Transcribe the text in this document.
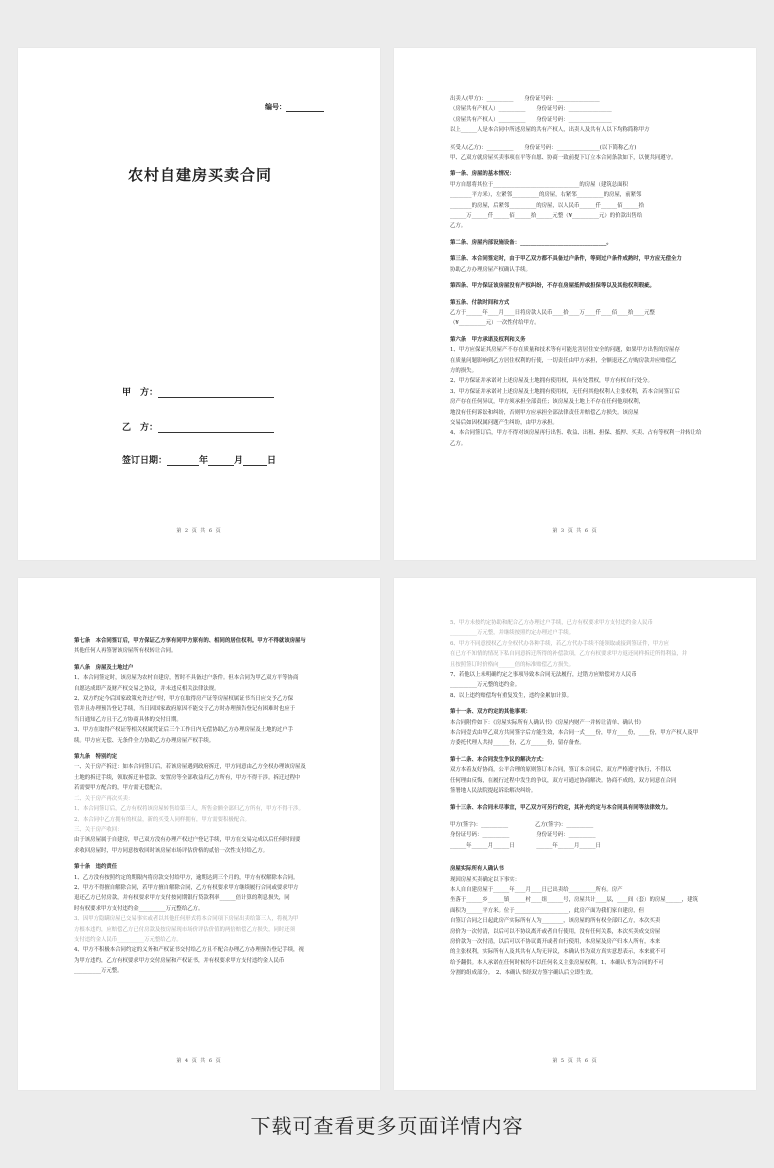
编号：
农村自建房买卖合同
甲　方：
乙　方：
签订日期：	年	月	日
第 2 页 共 6 页

出卖人(甲方)：__________　　身份证号码：________________

（房屋共有产权人）__________　　身份证号码：________________

（房屋共有产权人）__________　　身份证号码：________________

以上______人是本合同中所述房屋的共有产权人，出卖人及共有人以下均称简称甲方

买受人(乙方)：__________　　身份证号码：________________(以下简称乙方)

甲、乙双方就房屋买卖事项在平等自愿、协商一致前提下订立本合同条款如下，以便共同遵守。

第一条、房屋的基本情况：

甲方自愿将其位于________________________________的房屋（建筑总面积

________平方米），左紧邻__________的房屋，右紧邻__________的房屋，前紧邻

________的房屋，后紧邻__________的房屋，以人民币______仟______佰______拾

______万______仟______佰______拾______元整（¥__________元）的价款出售给

乙方。

第二条、房屋内部设施设备：________________________________。

第三条、本合同签定时，由于甲乙双方都不具备过户条件，等到过户条件成熟时，甲方应无偿全力

协助乙方办理房屋产权确认手续。

第四条、甲方保证该房屋没有产权纠纷，不存在房屋抵押或担保等以及其他权利瑕疵。

第五条、付款时间和方式

乙方于______年____月____日将房款人民币____拾____万____仟____佰____拾____元整

（¥__________元）一次性付给甲方。

第六条　甲方承诺及权利和义务

1、甲方应保证其房屋产不存在质量和技术等有可能危害居住安全的问题，如果甲方出售的房屋存

在质量问题影响到乙方居住权利的行使，一切责任由甲方承担，全额退还乙方购房款并应赔偿乙

方的损失。

2、甲方保证并承诺对上述房屋及土地拥有使用权，具有处置权，甲方有权自行处分。

3、甲方保证并承诺对上述房屋及土地拥有使用权，无任何其他权利人主张权利，若本合同签订后

房产存在任何异议，甲方须承担全部责任；该房屋及土地上不存在任何他项权利，

地没有任何诉讼和纠纷，否则甲方应承担全部法律责任并赔偿乙方损失。该房屋

交易后如因权属问题产生纠纷，由甲方承担。

4、本合同签订后，甲方不得对该房屋再行出售、收益、出租、担保、抵押、买卖、占有等权利一并转让给

乙方。

第 3 页 共 6 页

第七条　本合同签订后，甲方保证乙方享有同甲方原有的、相同的居住权利。甲方不得就该房屋与

其他任何人再签署该房屋所有权转让合同。

第八条　房屋及土地过户

1、本合同签定时，该房屋为农村自建房，暂时不具备过户条件。但本合同为甲乙双方平等协商

自愿达成即产及财产权交易之协议，并未违反相关法律法规。

2、双方约定今后国家政策允许过户时，甲方在取得房产证等房屋权属证书当日应交予乙方保

管并且办理预告登记手续，当日因国家政府原因不能交于乙方时办理预告登记有困难时也应于

当日通知乙方且于乙方协商具体的交付日期。

3、甲方在取得产权证等相关权属凭证后三个工作日内无偿协助乙方办理房屋及土地的过户手

续。甲方应无偿、无条件全力协助乙方办理房屋产权手续。

第九条　特别约定

一、关于房产拆迁：如本合同签订后，若该房屋遇到政府拆迁，甲方同意由乙方全权办理该房屋及

土地的拆迁手续，领取拆迁补偿款、安置房等全部收益归乙方所有，甲方不得干涉。拆迁过程中

若需要甲方配合的，甲方需无偿配合。

二、关于房产再次买卖：

1、本合同签订后，乙方有权将该房屋转售给第三人，所售金额全部归乙方所有，甲方不得干涉。

2、本合同中乙方拥有的权益，新的买受人同样拥有，甲方需要积极配合。

三、关于房产收回：

由于该房屋属于自建房，甲己双方没有办理产权过户登记手续，甲方在交易完成以后任何时间要

求收回房屋时，甲方同意按收回时该房屋市场评估价格的贰倍一次性支付给乙方。

第十条　违约责任

1、乙方没有按照约定的期限内将房款交付给甲方，逾期达到三个月的，甲方有权解除本合同。

2、甲方不得擅自解除合同，若甲方擅自解除合同，乙方有权要求甲方继续履行合同或要求甲方

退还乙方已付房款，并有权要求甲方支付按同期银行贷款利率______倍计算的利息损失，同

时有权要求甲方支付违约金__________万元整给乙方。

3、因甲方隐瞒房屋已交易事实或者以其他任何形式将本合同项下房屋出卖给第三人，将视为甲

方根本违约，应赔偿乙方已付房款及按房屋现市场价评估价值的两倍赔偿乙方损失，同时还须

支付违约金人民币__________万元整给乙方。

4、甲方不积极本合同约定的义务和产权证书交付给乙方且不配合办理乙方办理预告登记手续，视

为甲方违约，乙方有权要求甲方交付房屋和产权证书，并有权要求甲方支付违约金人民币

__________万元整。

第 4 页 共 6 页

5、甲方未按约定协助和配合乙方办理过户手续，已方有权要求甲方支付违约金人民币

__________万元整，并继续按照约定办理过户手续。

6、甲方不同意授权乙方全权代办各种手续，若乙方代办手续不能领取或接到签证件，甲方应

在已方不知情的情况下私自同意拆迁所得的补偿款项，乙方有权要求甲方返还同样拆迁所得利益，并

且按照签订时价格向______倍的标准赔偿乙方损失。

7、若他以上未明确约定之事项导致本合同无法履行，过错方应赔偿对方人民币

__________万元整的违约金。

8、以上违约赔偿均有重复发生，违约金累加计算。

第十一条、双方约定的其他事项：

本合同附件如下：《房屋实际所有人确认书》《房屋内财产一并转让清单、确认书》

本合同壹式由甲乙双方共同签字后方能生效，本合同一式____份，甲方____份，____份，甲方产权人及甲

方委托代理人共持______份，乙方______份，留存备查。

第十二条、本合同发生争议的解决方式：

双方本着友好协商，公平合理的原则签订本合同，签订本合同后，双方严格遵守执行，不得以

任何理由反悔，在履行过程中发生的争议，双方可通过协商解决。协商不成的，双方同意在合同

签署地人民法院提起诉讼解决纠纷。

第十三条、本合同未尽事宜，甲乙双方可另行约定，其补充约定与本合同具有同等法律效力。

甲方(签字)：__________　　　　　乙方(签字)：__________

身份证号码：__________　　　　　身份证号码：__________

______年______月______日　　　　______年______月______日

房屋实际所有人确认书

现因房屋买卖确定以下事实：

本人自自建房屋于______年____月____日已出卖给__________所有。房产

坐落于______乡______镇______村____组______号，房屋共计____层，____间（套）的房屋______，建筑

面积为______平方米。位于____________________，此房产面为我们家自建房，但

自签订合同之日起此房产实际所有人为________，该房屋的所有权全部归乙方，本次买卖

房价为一次付清，以后可以不协议离开或者自行使用，没有任何关系，本次买卖成交房屋

房价款为一次付清，以后可以不协议离开或者自行使用，本房屋及房产归本人所有，本来

的主张权利，实际所有人及其共有人均无异议，本确认书为双方真实意思表示，本来就不可

给予翻供。本人承诺在任何时候均不以任何名义主张房屋权利。1、本确认书为合同的不可

分割的组成部分。　2、本确认书经双方签字确认后立即生效。

第 5 页 共 6 页
下载可查看更多页面详情内容
